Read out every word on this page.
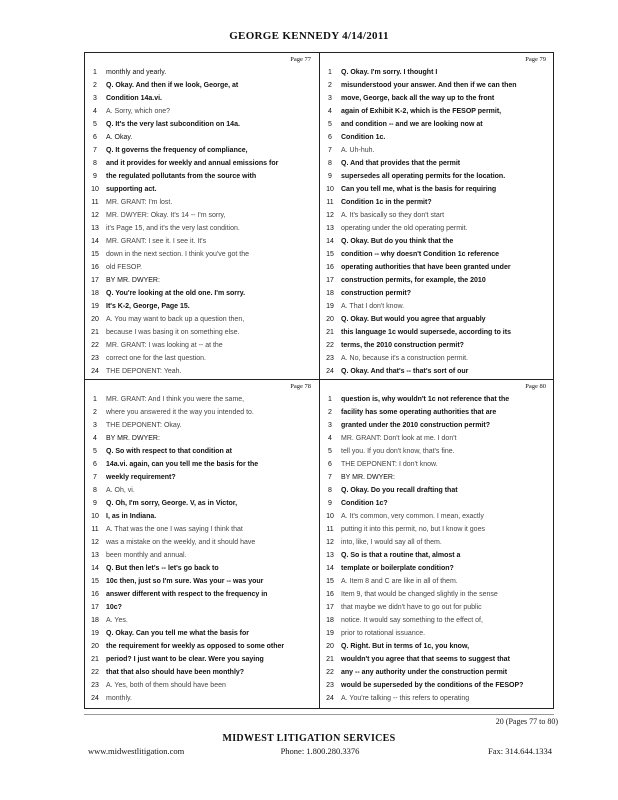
GEORGE KENNEDY 4/14/2011
Page 77
1	monthly and yearly.
2	Q. Okay. And then if we look, George, at
3	Condition 14a.vi.
4	A. Sorry, which one?
5	Q. It's the very last subcondition on 14a.
6	A. Okay.
7	Q. It governs the frequency of compliance,
8	and it provides for weekly and annual emissions for
9	the regulated pollutants from the source with
10	supporting act.
11	MR. GRANT: I'm lost.
12	MR. DWYER: Okay. It's 14 -- I'm sorry,
13	it's Page 15, and it's the very last condition.
14	MR. GRANT: I see it. I see it. It's
15	down in the next section. I think you've got the
16	old FESOP.
17	BY MR. DWYER:
18	Q. You're looking at the old one. I'm sorry.
19	It's K-2, George, Page 15.
20	A. You may want to back up a question then,
21	because I was basing it on something else.
22	MR. GRANT: I was looking at -- at the
23	correct one for the last question.
24	THE DEPONENT: Yeah.
Page 79
1	Q. Okay. I'm sorry. I thought I
2	misunderstood your answer. And then if we can then
3	move, George, back all the way up to the front
4	again of Exhibit K-2, which is the FESOP permit,
5	and condition -- and we are looking now at
6	Condition 1c.
7	A. Uh-huh.
8	Q. And that provides that the permit
9	supersedes all operating permits for the location.
10	Can you tell me, what is the basis for requiring
11	Condition 1c in the permit?
12	A. It's basically so they don't start
13	operating under the old operating permit.
14	Q. Okay. But do you think that the
15	condition -- why doesn't Condition 1c reference
16	operating authorities that have been granted under
17	construction permits, for example, the 2010
18	construction permit?
19	A. That I don't know.
20	Q. Okay. But would you agree that arguably
21	this language 1c would supersede, according to its
22	terms, the 2010 construction permit?
23	A. No, because it's a construction permit.
24	Q. Okay. And that's -- that's sort of our
Page 78
1	MR. GRANT: And I think you were the same,
2	where you answered it the way you intended to.
3	THE DEPONENT: Okay.
4	BY MR. DWYER:
5	Q. So with respect to that condition at
6	14a.vi. again, can you tell me the basis for the
7	weekly requirement?
8	A. Oh, vi.
9	Q. Oh, I'm sorry, George. V, as in Victor,
10	I, as in Indiana.
11	A. That was the one I was saying I think that
12	was a mistake on the weekly, and it should have
13	been monthly and annual.
14	Q. But then let's -- let's go back to
15	10c then, just so I'm sure. Was your -- was your
16	answer different with respect to the frequency in
17	10c?
18	A. Yes.
19	Q. Okay. Can you tell me what the basis for
20	the requirement for weekly as opposed to some other
21	period? I just want to be clear. Were you saying
22	that that also should have been monthly?
23	A. Yes, both of them should have been
24	monthly.
Page 80
1	question is, why wouldn't 1c not reference that the
2	facility has some operating authorities that are
3	granted under the 2010 construction permit?
4	MR. GRANT: Don't look at me. I don't
5	tell you. If you don't know, that's fine.
6	THE DEPONENT: I don't know.
7	BY MR. DWYER:
8	Q. Okay. Do you recall drafting that
9	Condition 1c?
10	A. It's common, very common. I mean, exactly
11	putting it into this permit, no, but I know it goes
12	into, like, I would say all of them.
13	Q. So is that a routine that, almost a
14	template or boilerplate condition?
15	A. Item 8 and C are like in all of them.
16	Item 9, that would be changed slightly in the sense
17	that maybe we didn't have to go out for public
18	notice. It would say something to the effect of,
19	prior to rotational issuance.
20	Q. Right. But in terms of 1c, you know,
21	wouldn't you agree that that seems to suggest that
22	any -- any authority under the construction permit
23	would be superseded by the conditions of the FESOP?
24	A. You're talking -- this refers to operating
20 (Pages 77 to 80)
MIDWEST LITIGATION SERVICES
www.midwestlitigation.com	Phone: 1.800.280.3376	Fax: 314.644.1334
